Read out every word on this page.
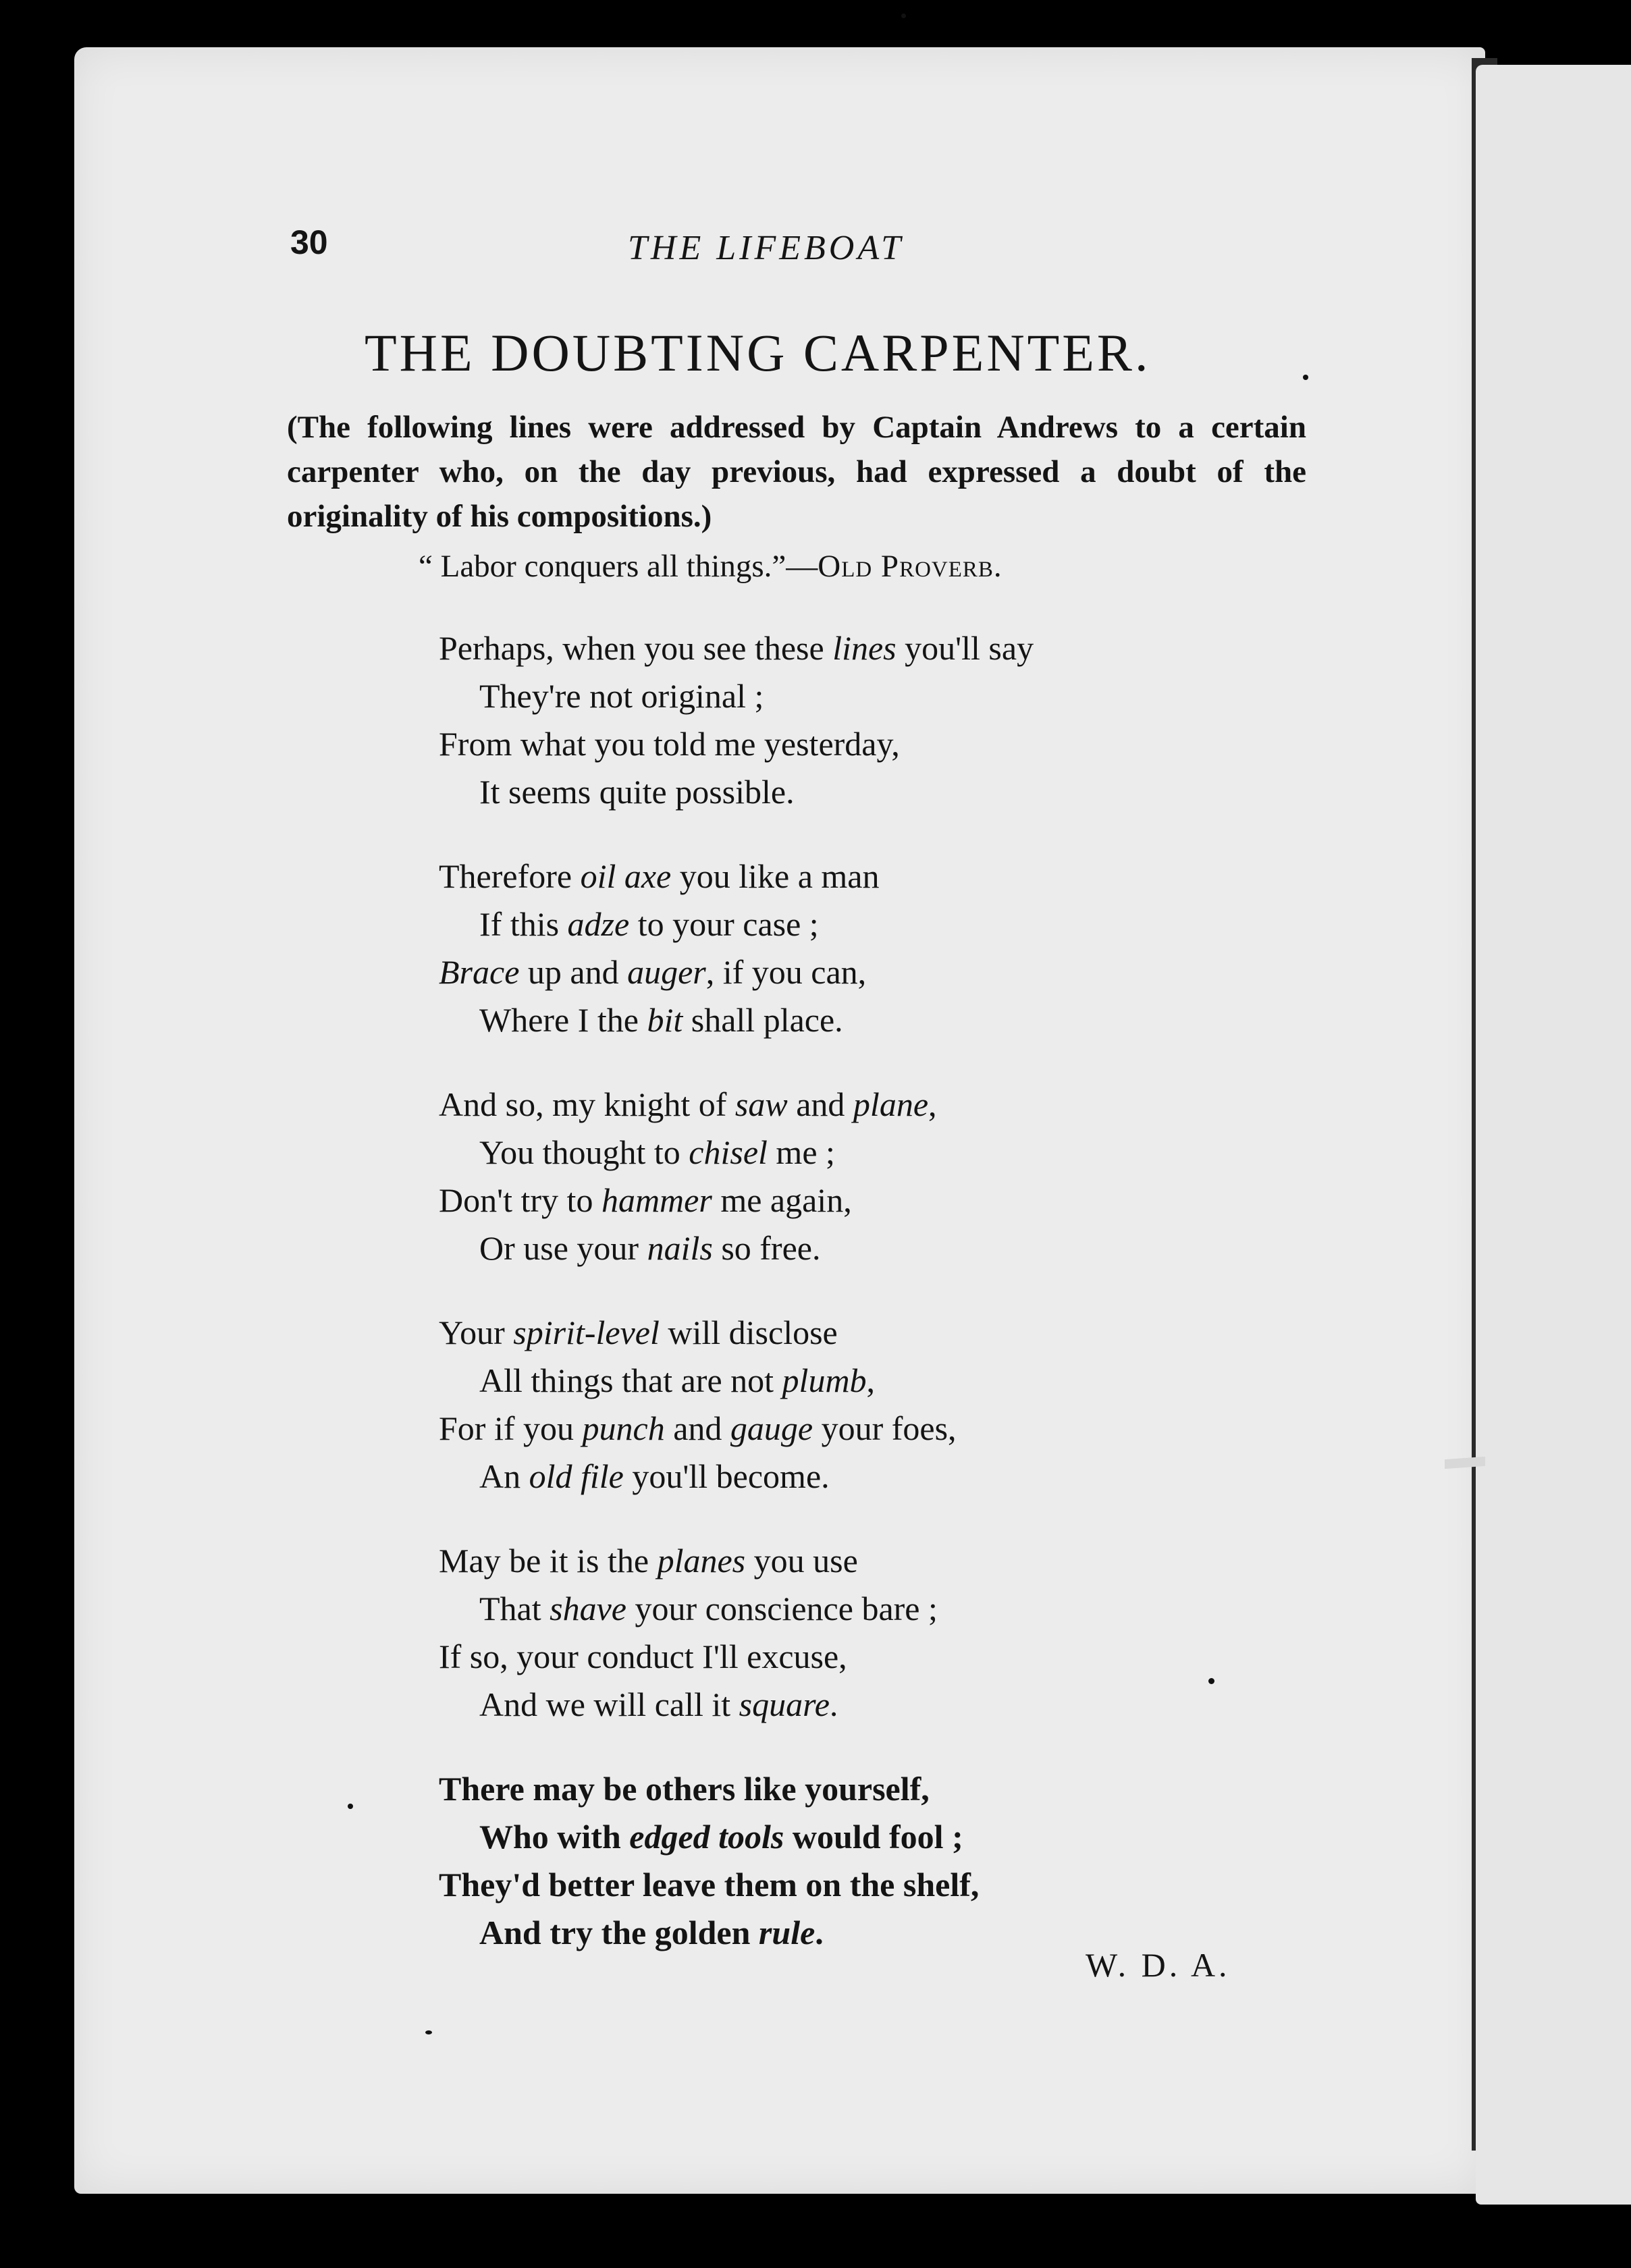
30	THE LIFEBOAT
THE DOUBTING CARPENTER.
(The following lines were addressed by Captain Andrews to a certain carpenter who, on the day previous, had expressed a doubt of the originality of his compositions.)
“ Labor conquers all things.”—Old Proverb.
Perhaps, when you see these lines you'll say
They're not original ;
From what you told me yesterday,
It seems quite possible.
Therefore oil axe you like a man
If this adze to your case ;
Brace up and auger, if you can,
Where I the bit shall place.
And so, my knight of saw and plane,
You thought to chisel me ;
Don't try to hammer me again,
Or use your nails so free.
Your spirit-level will disclose
All things that are not plumb,
For if you punch and gauge your foes,
An old file you'll become.
May be it is the planes you use
That shave your conscience bare ;
If so, your conduct I'll excuse,
And we will call it square.
There may be others like yourself,
Who with edged tools would fool ;
They'd better leave them on the shelf,
And try the golden rule.
W. D. A.
